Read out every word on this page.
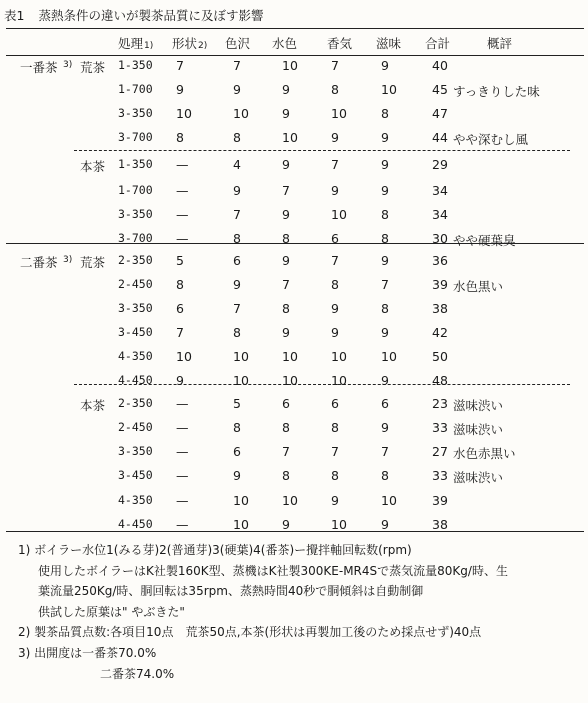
表1 蒸熱条件の違いが製茶品質に及ぼす影響
処理1) 形状2) 色沢 水色 香気 滋味 合計	概評
一番茶 3) 荒茶 1-350 7	7	10	7	9	40
1-700 9	9	9	8	10	45 すっきりした味
3-350 10	10	9	10	8	47
3-700 8	8	10	9	9	44 やや深むし風
本茶 1-350 —	4	9	7	9	29
1-700 —	9	7	9	9	34
3-350 —	7	9	10	8	34
3-700 —	8	8	6	8	30 やや硬葉臭
二番茶 3) 荒茶 2-350 5	6	9	7	9	36
2-450 8	9	7	8	7	39 水色黒い
3-350 6	7	8	9	8	38
3-450 7	8	9	9	9	42
4-350 10	10	10	10	10	50
4-450 9	10	10	10	9	48
本茶 2-350 —	5	6	6	6	23 滋味渋い
2-450 —	8	8	8	9	33 滋味渋い
3-350 —	6	7	7	7	27 水色赤黒い
3-450 —	9	8	8	8	33 滋味渋い
4-350 —	10	10	9	10	39
4-450 —	10	9	10	9	38
1) ボイラー水位1(みる芽)2(普通芽)3(硬葉)4(番茶)ー攪拌軸回転数(rpm)
使用したボイラーはK社製160K型、蒸機はK社製300KE-MR4Sで蒸気流量80Kg/時、生
葉流量250Kg/時、胴回転は35rpm、蒸熱時間40秒で胴傾斜は自動制御
供試した原葉は" やぶきた"
2) 製茶品質点数:各項目10点　荒茶50点,本茶(形状は再製加工後のため採点せず)40点
3) 出開度は一番茶70.0%
二番茶74.0%
